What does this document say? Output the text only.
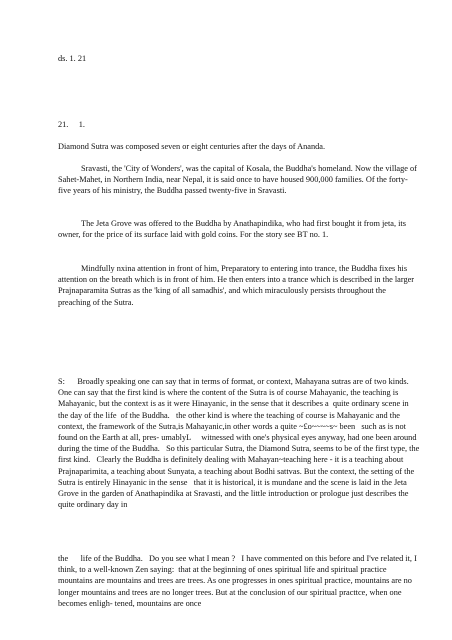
ds. 1. 21
21.     1.

Diamond Sutra was composed seven or eight centuries after the days of Ananda.

Sravasti, the 'City of Wonders', was the capital of Kosala, the Buddha's homeland. Now the village of Sahet-Mahet, in Northern India, near Nepal, it is said once to have housed 900,000 families. Of the forty-five years of his ministry, the Buddha passed twenty-five in Sravasti.

The Jeta Grove was offered to the Buddha by Anathapindika, who had first bought it from jeta, its owner, for the price of its surface laid with gold coins. For the story see BT no. 1.

Mindfully nxina attention in front of him, Preparatory to entering into trance, the Buddha fixes his attention on the breath which is in front of him. He then enters into a trance which is described in the larger Prajnaparamita Sutras as the 'king of all samadhis', and which miraculously persists throughout the preaching of the Sutra.

S:      Broadly speaking one can say that in terms of format, or context, Mahayana sutras are of two kinds.   One can say that the first kind is where the content of the Sutra is of course Mahayanic, the teaching is Mahayanic, but the context is as it were Hinayanic, in the sense that it describes a  quite ordinary scene in the day of the life  of the Buddha.   the other kind is where the teaching of course is Mahayanic and the context, the framework of the Sutra,is Mahayanic,in other words a quite ~£o~~~~s~ been   such as is not found on the Earth at all, pres- umablyL     witnessed with one's physical eyes anyway, had one been around during the time of the Buddha.   So this particular Sutra, the Diamond Sutra, seems to be of the first type, the first kind.   Clearly the Buddha is definitely dealing with Mahayan~teaching here - it is a teaching about Prajnaparimita, a teaching about Sunyata, a teaching about Bodhi sattvas. But the context, the setting of the Sutra is entirely Hinayanic in the sense   that it is historical, it is mundane and the scene is laid in the Jeta Grove in the garden of Anathapindika at Sravasti, and the little introduction or prologue just describes the quite ordinary day in

the      life of the Buddha.   Do you see what I mean ?   I have commented on this before and I've related it, I think, to a well-known Zen saying:  that at the beginning of ones spiritual life and spiritual practice mountains are mountains and trees are trees. As one progresses in ones spiritual practice, mountains are no longer mountains and trees are no longer trees. But at the conclusion of our spiritual practtce, when one becomes enligh- tened, mountains are once
